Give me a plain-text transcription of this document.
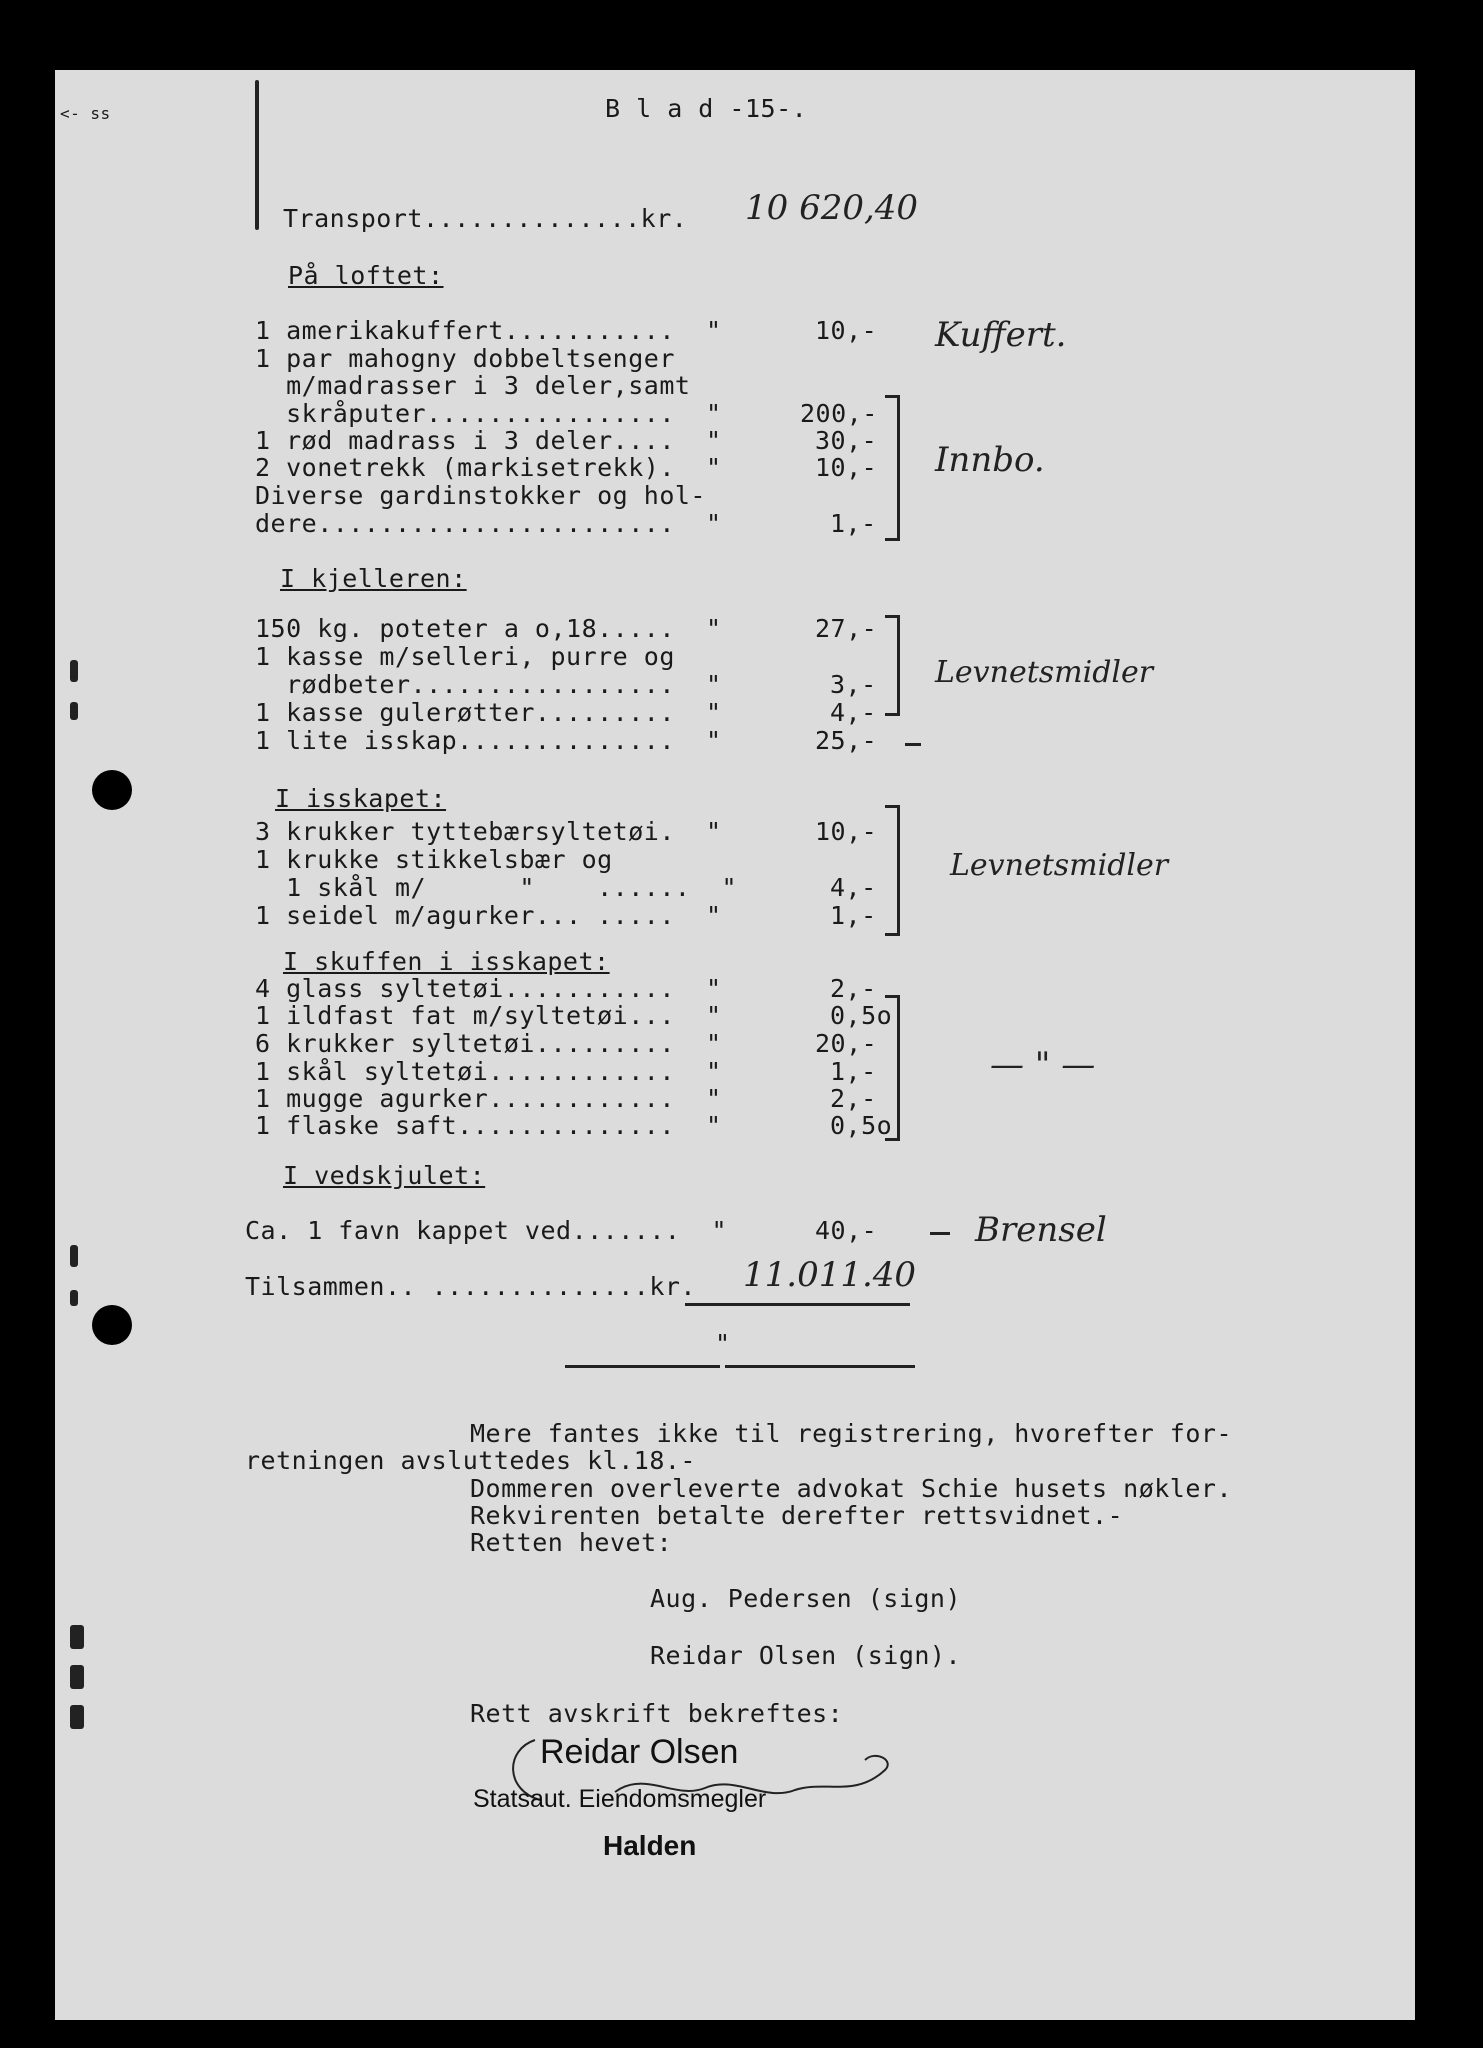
<- ss	B l a d -15-.
Transport..............kr. 10 620,40
På loftet:
1 amerikakuffert...........  "	10,-
1 par mahogny dobbeltsenger
m/madrasser i 3 deler,samt
skråputer................  "	200,-
1 rød madrass i 3 deler....  "	30,-
2 vonetrekk (markisetrekk).  "	10,-
Diverse gardinstokker og hol-
dere.......................  "	1,-
Kuffert.
Innbo.
I kjelleren:
150 kg. poteter a o,18.....  "	27,-
1 kasse m/selleri, purre og
rødbeter.................  "	3,-
1 kasse gulerøtter.........  "	4,-
1 lite isskap..............  "	25,-
Levnetsmidler
I isskapet:
3 krukker tyttebærsyltetøi.  "	10,-
1 krukke stikkelsbær og
1 skål m/      "    ......  "	4,-
1 seidel m/agurker... .....  "	1,-
Levnetsmidler
I skuffen i isskapet:
4 glass syltetøi...........  "	2,-
1 ildfast fat m/syltetøi...  "	0,5o
6 krukker syltetøi.........  "	20,-
1 skål syltetøi............  "	1,-
1 mugge agurker............  "	2,-
1 flaske saft..............  "	0,5o
— " —
I vedskjulet:
Ca. 1 favn kappet ved.......  "	40,-	Brensel
Tilsammen.. ..............kr. 11.011.40
"
Mere fantes ikke til registrering, hvorefter for-
retningen avsluttedes kl.18.-
Dommeren overleverte advokat Schie husets nøkler.
Rekvirenten betalte derefter rettsvidnet.-
Retten hevet:
Aug. Pedersen (sign)
Reidar Olsen (sign).
Rett avskrift bekreftes:
Reidar Olsen
Statsaut. Eiendomsmegler
Halden
